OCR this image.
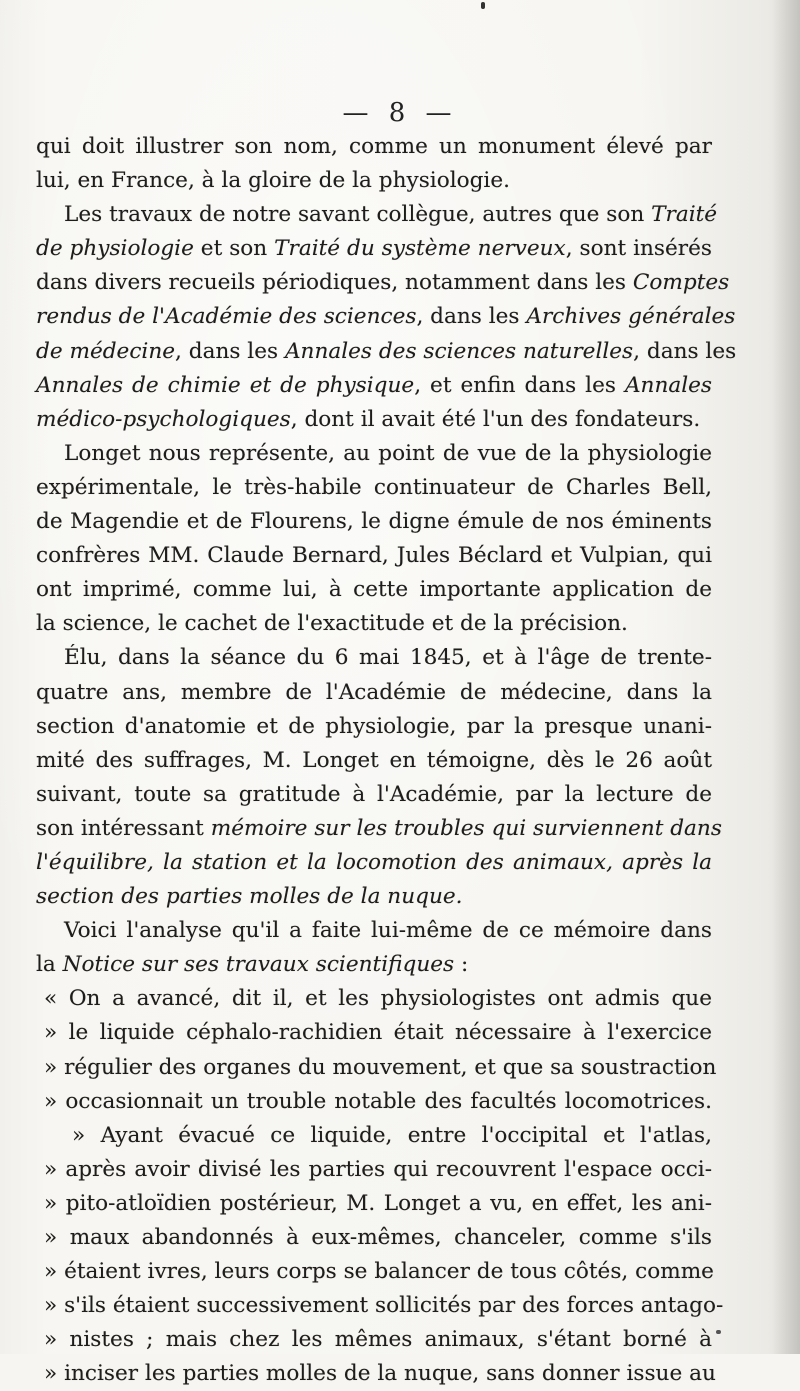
— 8 —
qui doit illustrer son nom, comme un monument élevé par
lui, en France, à la gloire de la physiologie.
Les travaux de notre savant collègue, autres que son Traité
de physiologie et son Traité du système nerveux, sont insérés
dans divers recueils périodiques, notamment dans les Comptes
rendus de l'Académie des sciences, dans les Archives générales
de médecine, dans les Annales des sciences naturelles, dans les
Annales de chimie et de physique, et enfin dans les Annales
médico-psychologiques, dont il avait été l'un des fondateurs.
Longet nous représente, au point de vue de la physiologie
expérimentale, le très-habile continuateur de Charles Bell,
de Magendie et de Flourens, le digne émule de nos éminents
confrères MM. Claude Bernard, Jules Béclard et Vulpian, qui
ont imprimé, comme lui, à cette importante application de
la science, le cachet de l'exactitude et de la précision.
Élu, dans la séance du 6 mai 1845, et à l'âge de trente-
quatre ans, membre de l'Académie de médecine, dans la
section d'anatomie et de physiologie, par la presque unani-
mité des suffrages, M. Longet en témoigne, dès le 26 août
suivant, toute sa gratitude à l'Académie, par la lecture de
son intéressant mémoire sur les troubles qui surviennent dans
l'équilibre, la station et la locomotion des animaux, après la
section des parties molles de la nuque.
Voici l'analyse qu'il a faite lui-même de ce mémoire dans
la Notice sur ses travaux scientifiques :
« On a avancé, dit il, et les physiologistes ont admis que
» le liquide céphalo-rachidien était nécessaire à l'exercice
» régulier des organes du mouvement, et que sa soustraction
» occasionnait un trouble notable des facultés locomotrices.
» Ayant évacué ce liquide, entre l'occipital et l'atlas,
» après avoir divisé les parties qui recouvrent l'espace occi-
» pito-atloïdien postérieur, M. Longet a vu, en effet, les ani-
» maux abandonnés à eux-mêmes, chanceler, comme s'ils
» étaient ivres, leurs corps se balancer de tous côtés, comme
» s'ils étaient successivement sollicités par des forces antago-
» nistes ; mais chez les mêmes animaux, s'étant borné à
» inciser les parties molles de la nuque, sans donner issue au
